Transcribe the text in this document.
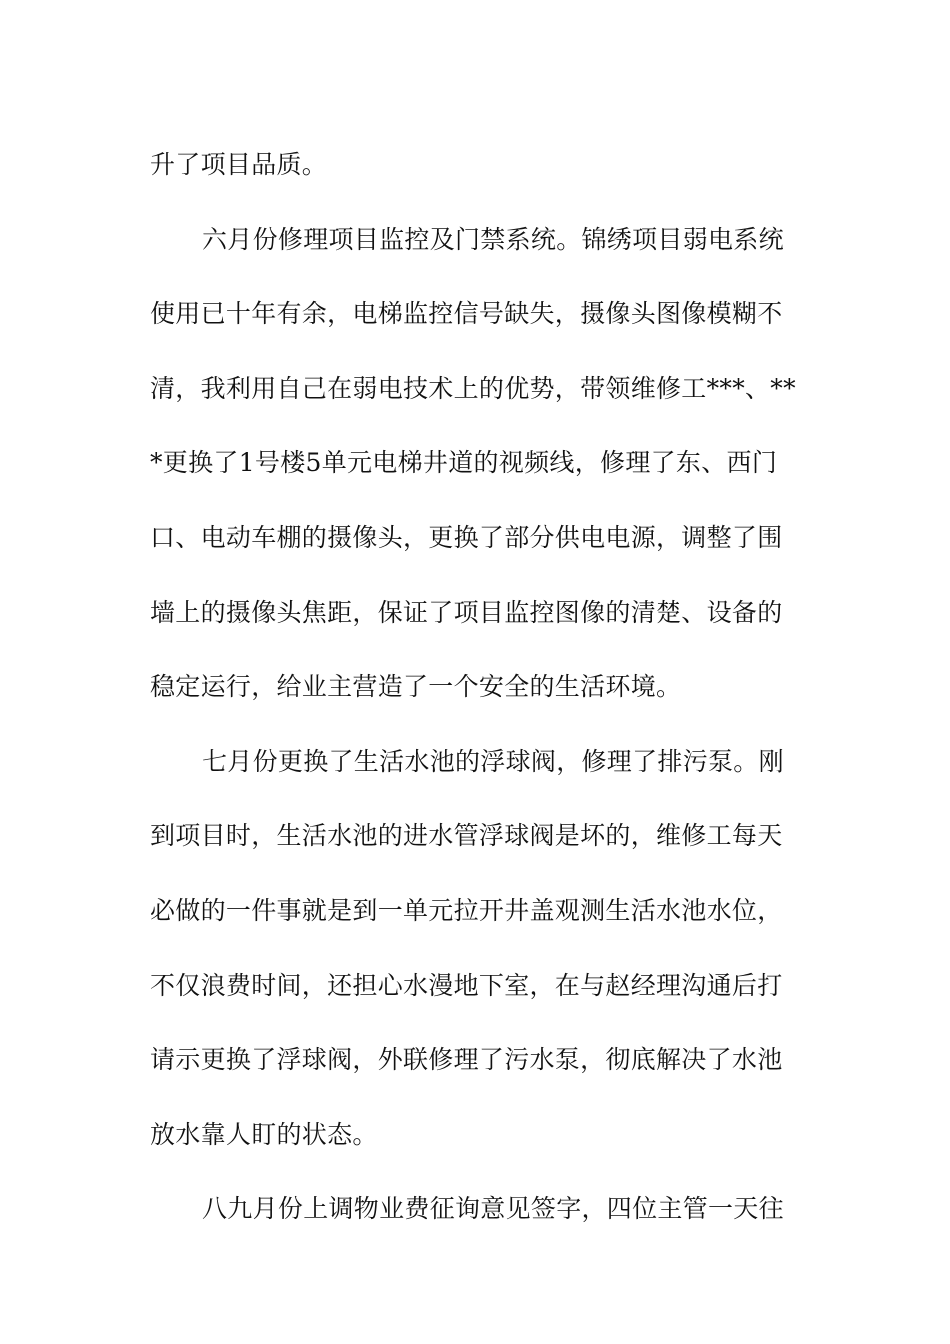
升了项目品质。
六月份修理项目监控及门禁系统。锦绣项目弱电系统
使用已十年有余，电梯监控信号缺失，摄像头图像模糊不
清，我利用自己在弱电技术上的优势，带领维修工***、**
*更换了1号楼5单元电梯井道的视频线，修理了东、西门
口、电动车棚的摄像头，更换了部分供电电源，调整了围
墙上的摄像头焦距，保证了项目监控图像的清楚、设备的
稳定运行，给业主营造了一个安全的生活环境。
七月份更换了生活水池的浮球阀，修理了排污泵。刚
到项目时，生活水池的进水管浮球阀是坏的，维修工每天
必做的一件事就是到一单元拉开井盖观测生活水池水位，
不仅浪费时间，还担心水漫地下室，在与赵经理沟通后打
请示更换了浮球阀，外联修理了污水泵，彻底解决了水池
放水靠人盯的状态。
八九月份上调物业费征询意见签字，四位主管一天往
